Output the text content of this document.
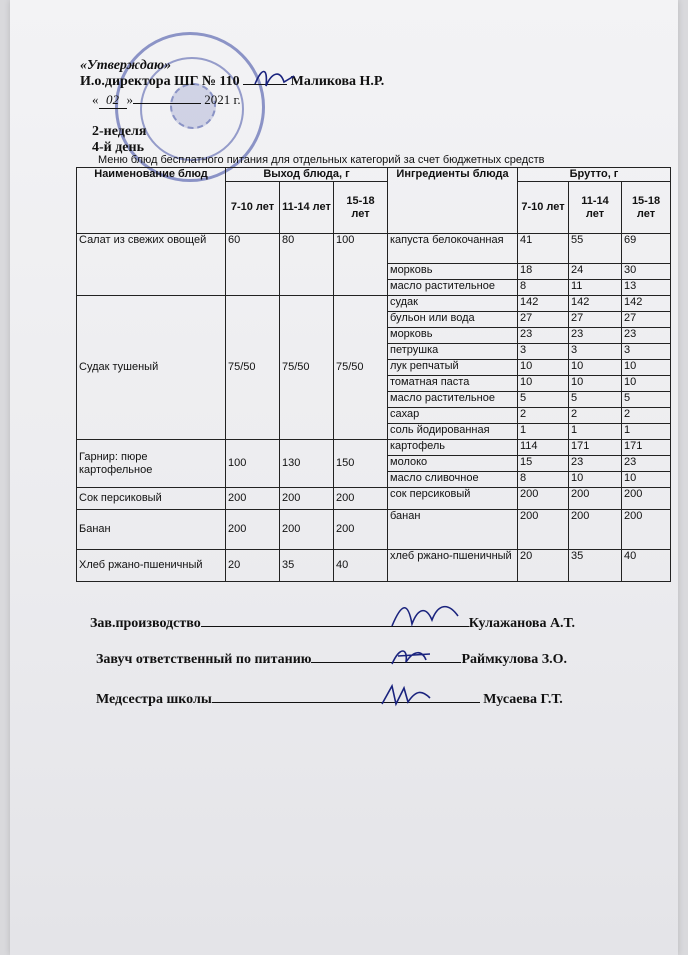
«Утверждаю»
И.о.директора ШГ № 110	Маликова Н.Р.
« 02 »	2021 г.
2-неделя
4-й день
Меню блюд бесплатного питания для отдельных категорий за счет бюджетных средств
Наименование блюд	Выход блюда, г			Ингредиенты блюда	Брутто, г		
	7-10 лет	11-14 лет	15-18 лет		7-10 лет	11-14 лет	15-18 лет
Салат из свежих овощей	60	80	100	капуста белокочанная	41	55	69
				морковь	18	24	30
				масло растительное	8	11	13
Судак тушеный	75/50	75/50	75/50	судак	142	142	142
				бульон или вода	27	27	27
				морковь	23	23	23
				петрушка	3	3	3
				лук репчатый	10	10	10
				томатная паста	10	10	10
				масло растительное	5	5	5
				сахар	2	2	2
				соль йодированная	1	1	1
Гарнир: пюре картофельное	100	130	150	картофель	114	171	171
				молоко	15	23	23
				масло сливочное	8	10	10
Сок персиковый	200	200	200	сок персиковый	200	200	200
Банан	200	200	200	банан	200	200	200
Хлеб ржано-пшеничный	20	35	40	хлеб ржано-пшеничный	20	35	40
Зав.производство	Кулажанова А.Т.
Завуч ответственный по питанию	Раймкулова З.О.
Медсестра школы	Мусаева Г.Т.
